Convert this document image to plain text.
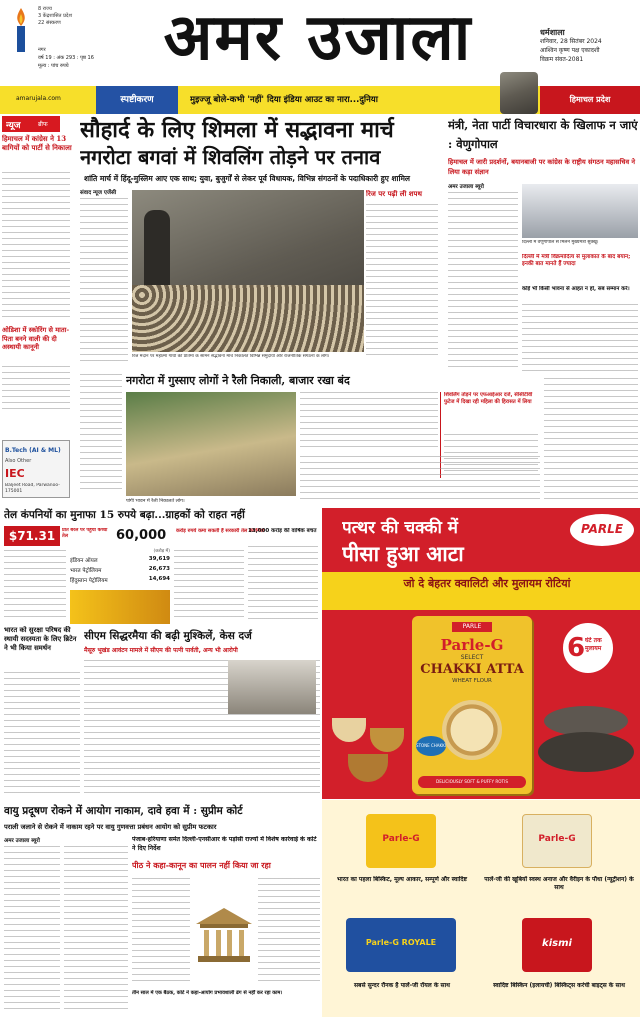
8 राज्य
3 केंद्रशासित प्रदेश
22 संस्करण
नगर
वर्ष 19 : अंक 293 : पृष्ठ 16
मूल्य : पांच रुपये	अमर उजाला	धर्मशाला
शनिवार, 28 सितंबर 2024
आश्विन कृष्ण पक्ष एकादशी
विक्रम संवत-2081
amarujala.com	स्पष्टीकरण	मुइज्जू बोले-कभी 'नहीं' दिया इंडिया आउट का नारा...दुनिया	हिमाचल प्रदेश
न्यूज	ब्रीफ
हिमाचल में कांग्रेस ने 13 बागियों को पार्टी से निकाला
ओडिशा में स्कोरिंग से माता-पिता बनने वाली की दी अस्थायी कानूनी
B.Tech (AI & ML)
Also Other
IEC
Baljeet Road, Parwanoo-175001
सौहार्द के लिए शिमला में सद्भावना मार्च
नगरोटा बगवां में शिवलिंग तोड़ने पर तनाव
शांति मार्च में हिंदू-मुस्लिम आए एक साथ; युवा, बुजुर्गों से लेकर पूर्व विधायक, विभिन्न संगठनों के पदाधिकारी हुए शामिल
संवाद न्यूज एजेंसी
रिज मैदान पर महात्मा गांधी की प्रतिमा के सामने सद्भावना मार्च निकालते विभिन्न समुदायों और राजनीतिक संगठनों के लोग।
रिज पर पढ़ी ली शपथ
नगरोटा में गुस्साए लोगों ने रैली निकाली, बाजार रखा बंद
पांगी भावन में रैली निकालते लोग।
शिवलिंग तोड़ने पर एफआईआर दर्ज, सीसीटीवी फुटेज में दिखा रही महिला की हिरासत में लिया
मंत्री, नेता पार्टी विचारधारा के खिलाफ न जाएं : वेणुगोपाल
हिमाचल में जारी प्रदर्शनों, बयानबाजी पर कांग्रेस के राष्ट्रीय संगठन महासचिव ने लिया कड़ा संज्ञान
अमर उजाला ब्यूरो
दिल्ली में वेणुगोपाल से मिलने मुख्यमंत्री सुक्खू।
दिल्ली में मंत्री विक्रमादित्य से मुलाकात के बाद बयान; इनकी बात मानते हैं ज्यादा
कोई भी किसी भावना से आहत न हो, सब सम्मान करें।
पत्थर की चक्की में
पीसा हुआ आटा
PARLE
जो दे बेहतर क्वालिटी और मुलायम रोटियां
PARLE
Parle-G
SELECT
CHAKKI ATTA
WHEAT FLOUR
STONE CHAKKI
DELICIOUSLY SOFT & PUFFY ROTIS
6 घंटे तक मुलायम
Parle-G
भारत का पहला बिस्किट, मूल्य आकार, सम्पूर्ण और स्वादिष्ट
Parle-G
पालें-जी की खूबियों स्वस्थ अनाज और वैरीइन के पौधा (न्यूट्रीशन) के साथ
Parle-G ROYALE
सबसे सुन्दर रौनक है पार्ले-जी रॉयल के साथ
kismi
स्वादिष्ट बिस्किन (इलायची) बिस्किट्स करंची बाइट्स के साथ
तेल कंपनियों का मुनाफा 15 रुपये बढ़ा...ग्राहकों को राहत नहीं
$71.31	प्रति बैरल पर पहुंचा कच्चा तेल	60,000	करोड़ रुपये कमा सकती हैं सरकारी तेल कंपनियां
(करोड़ में)
इंडियन ऑयल	39,619
भारत पेट्रोलियम	26,673
हिंदुस्तान पेट्रोलियम	14,694
13,000 करोड़ की वार्षिक बचत
सीएम सिद्धरमैया की बढ़ी मुश्किलें, केस दर्ज
मैसूरु भूखंड आवंटन मामले में सीएम की पत्नी पार्वती, अन्य भी आरोपी
भारत को सुरक्षा परिषद की स्थायी सदस्यता के लिए ब्रिटेन ने भी किया समर्थन
वायु प्रदूषण रोकने में आयोग नाकाम, दावे हवा में : सुप्रीम कोर्ट
पराली जलाने से रोकने में नाकाम रहने पर वायु गुणवत्ता प्रबंधन आयोग को सुप्रीम फटकार
अमर उजाला ब्यूरो	पंजाब-हरियाणा समेत दिल्ली-एनसीआर के पड़ोसी राज्यों में विशेष कार्रवाई के कोर्ट ने दिए निर्देश
पीठ ने कहा-कानून का पालन नहीं किया जा रहा
तीन साल में एक बैठक, कोर्ट ने कहा-आयोग प्रभावशाली ढंग से नहीं कर रहा काम।
